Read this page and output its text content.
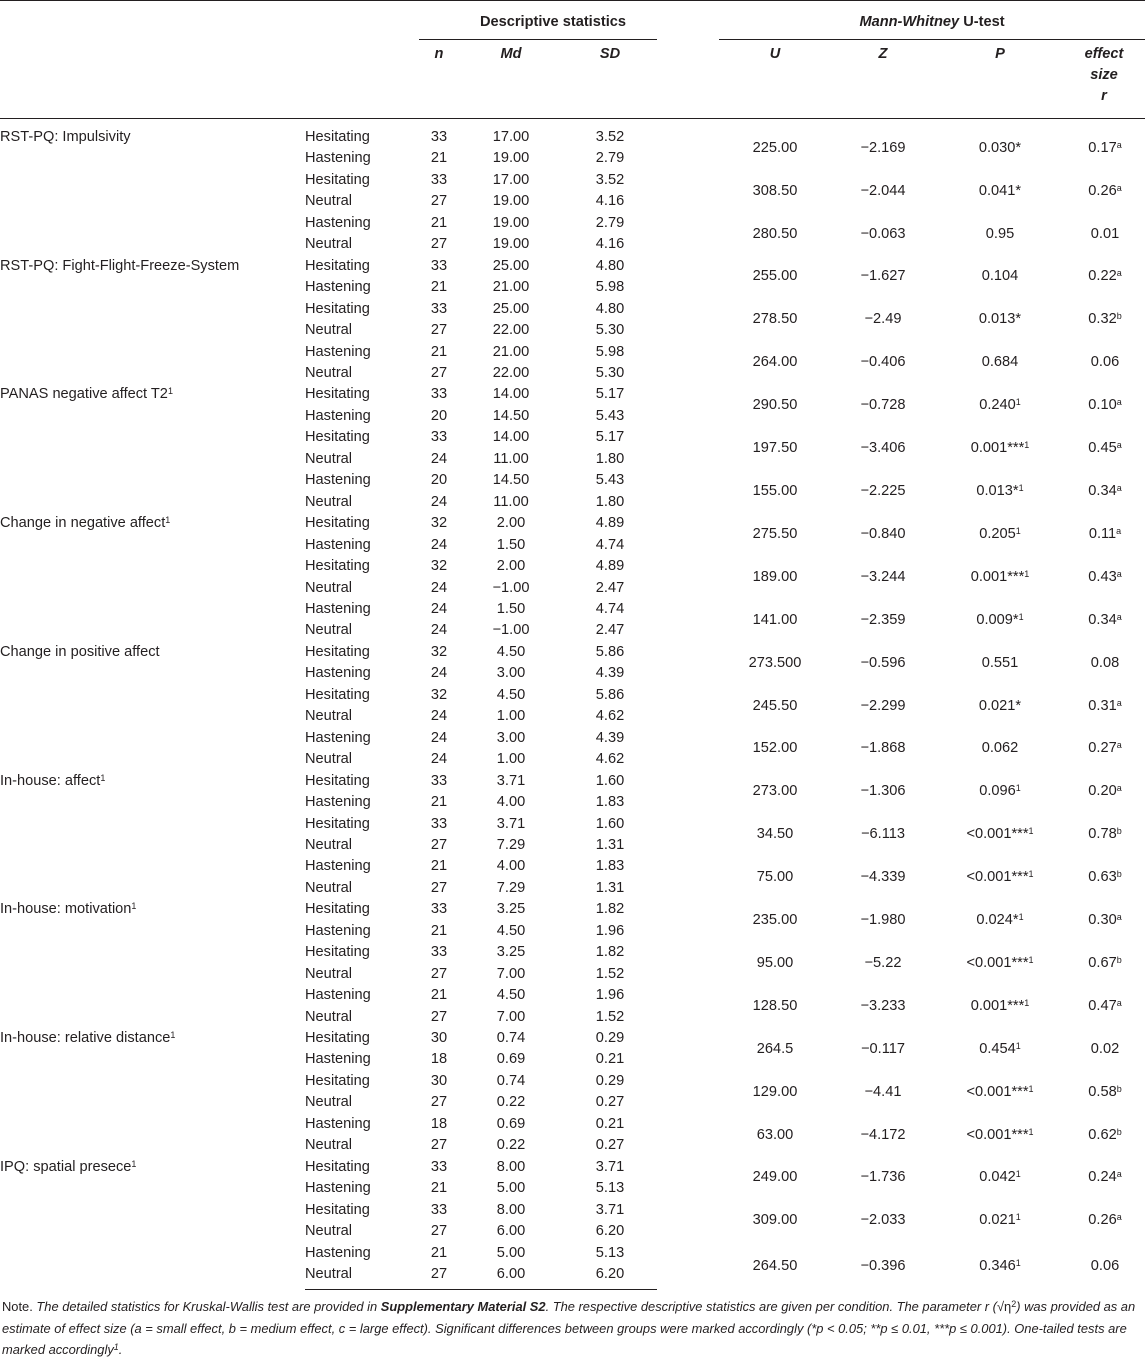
		Descriptive statistics				Mann-Whitney U-test			
		n	Md	SD		U	Z	P	effect
size
r

RST-PQ: Impulsivity	Hesitating	33	17.00	3.52		225.00	−2.169	0.030*	0.17$^a$
	Hastening	21	19.00	2.79					
	Hesitating	33	17.00	3.52		308.50	−2.044	0.041*	0.26$^a$
	Neutral	27	19.00	4.16					
	Hastening	21	19.00	2.79		280.50	−0.063	0.95	0.01
	Neutral	27	19.00	4.16					
RST-PQ: Fight-Flight-Freeze-System	Hesitating	33	25.00	4.80		255.00	−1.627	0.104	0.22$^a$
	Hastening	21	21.00	5.98					
	Hesitating	33	25.00	4.80		278.50	−2.49	0.013*	0.32$^b$
	Neutral	27	22.00	5.30					
	Hastening	21	21.00	5.98		264.00	−0.406	0.684	0.06
	Neutral	27	22.00	5.30					
PANAS negative affect $T2^1$	Hesitating	33	14.00	5.17		290.50	−0.728	0.240$^1$	0.10$^a$
	Hastening	20	14.50	5.43					
	Hesitating	33	14.00	5.17		197.50	−3.406	0.001***$^1$	0.45$^a$
	Neutral	24	11.00	1.80					
	Hastening	20	14.50	5.43		155.00	−2.225	0.013*$^1$	0.34$^a$
	Neutral	24	11.00	1.80					
Change in negative affect$^1$	Hesitating	32	2.00	4.89		275.50	−0.840	0.205$^1$	0.11$^a$
	Hastening	24	1.50	4.74					
	Hesitating	32	2.00	4.89		189.00	−3.244	0.001***$^1$	0.43$^a$
	Neutral	24	−1.00	2.47					
	Hastening	24	1.50	4.74		141.00	−2.359	0.009*$^1$	0.34$^a$
	Neutral	24	−1.00	2.47					
Change in positive affect	Hesitating	32	4.50	5.86		273.500	−0.596	0.551	0.08
	Hastening	24	3.00	4.39					
	Hesitating	32	4.50	5.86		245.50	−2.299	0.021*	0.31$^a$
	Neutral	24	1.00	4.62					
	Hastening	24	3.00	4.39		152.00	−1.868	0.062	0.27$^a$
	Neutral	24	1.00	4.62					
In-house: affect$^1$	Hesitating	33	3.71	1.60		273.00	−1.306	0.096$^1$	0.20$^a$
	Hastening	21	4.00	1.83					
	Hesitating	33	3.71	1.60		34.50	−6.113	<0.001***$^1$	0.78$^b$
	Neutral	27	7.29	1.31					
	Hastening	21	4.00	1.83		75.00	−4.339	<0.001***$^1$	0.63$^b$
	Neutral	27	7.29	1.31					
In-house: motivation$^1$	Hesitating	33	3.25	1.82		235.00	−1.980	0.024*$^1$	0.30$^a$
	Hastening	21	4.50	1.96					
	Hesitating	33	3.25	1.82		95.00	−5.22	<0.001***$^1$	0.67$^b$
	Neutral	27	7.00	1.52					
	Hastening	21	4.50	1.96		128.50	−3.233	0.001***$^1$	0.47$^a$
	Neutral	27	7.00	1.52					
In-house: relative distance$^1$	Hesitating	30	0.74	0.29		264.5	−0.117	0.454$^1$	0.02
	Hastening	18	0.69	0.21					
	Hesitating	30	0.74	0.29		129.00	−4.41	<0.001***$^1$	0.58$^b$
	Neutral	27	0.22	0.27					
	Hastening	18	0.69	0.21		63.00	−4.172	<0.001***$^1$	0.62$^b$
	Neutral	27	0.22	0.27					
IPQ: spatial presece$^1$	Hesitating	33	8.00	3.71		249.00	−1.736	0.042$^1$	0.24$^a$
	Hastening	21	5.00	5.13					
	Hesitating	33	8.00	3.71		309.00	−2.033	0.021$^1$	0.26$^a$
	Neutral	27	6.00	6.20					
	Hastening	21	5.00	5.13		264.50	−0.396	0.346$^1$	0.06
	Neutral	27	6.00	6.20					
Note. The detailed statistics for Kruskal-Wallis test are provided in Supplementary Material S2. The respective descriptive statistics are given per condition. The parameter r $(√\eta^2)$ was provided as an estimate of effect size (a = small effect, b = medium effect, c = large effect). Significant differences between groups were marked accordingly (*p < 0.05; **p ≤ 0.01, ***p ≤ 0.001). One-tailed tests are marked accordingly$^1$.
